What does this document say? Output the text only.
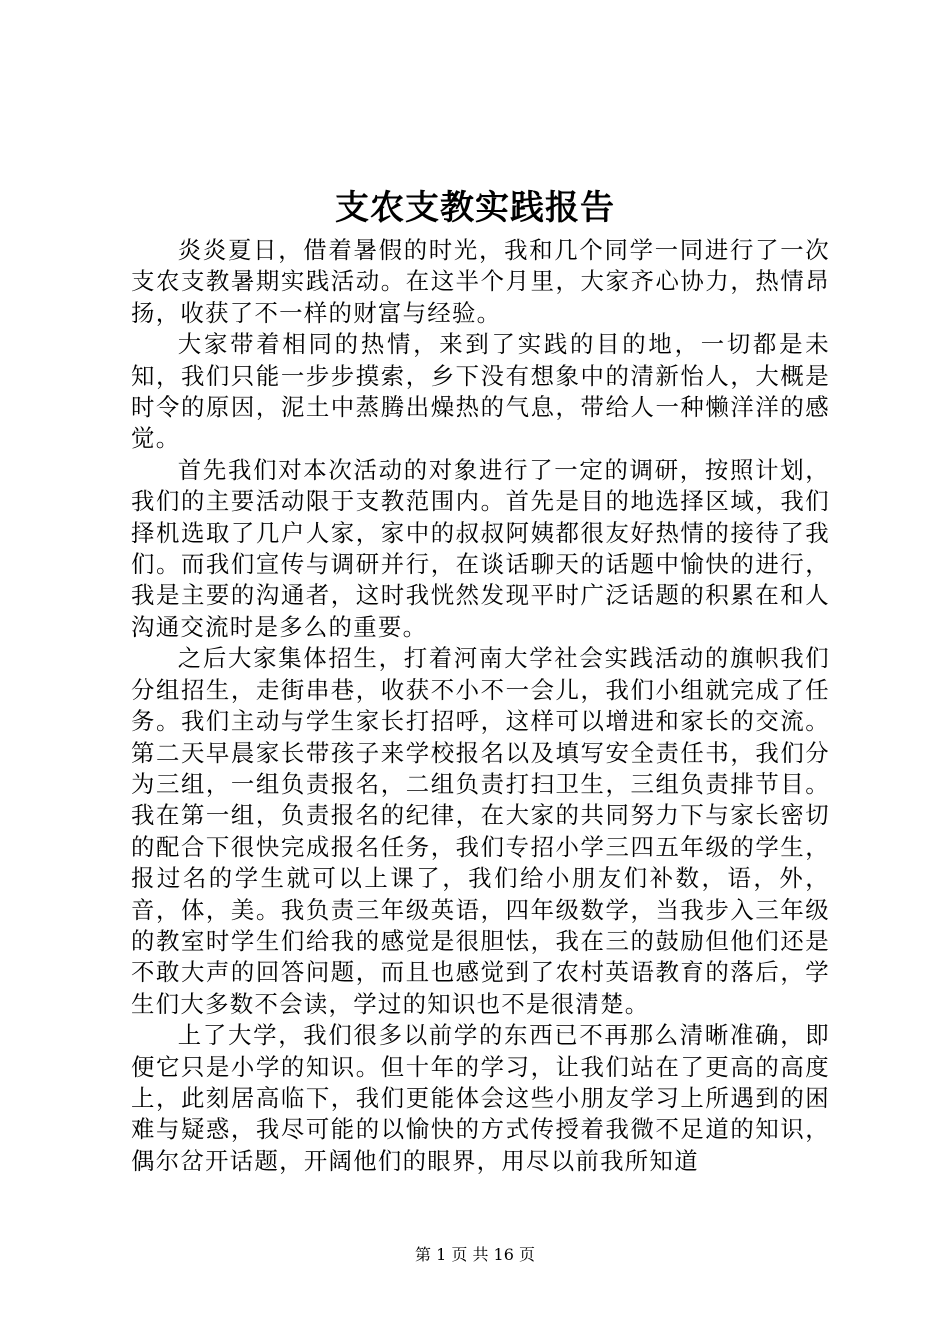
支农支教实践报告

炎炎夏日，借着暑假的时光，我和几个同学一同进行了一次支农支教暑期实践活动。在这半个月里，大家齐心协力，热情昂扬，收获了不一样的财富与经验。

大家带着相同的热情，来到了实践的目的地，一切都是未知，我们只能一步步摸索，乡下没有想象中的清新怡人，大概是时令的原因，泥土中蒸腾出燥热的气息，带给人一种懒洋洋的感觉。

首先我们对本次活动的对象进行了一定的调研，按照计划，我们的主要活动限于支教范围内。首先是目的地选择区域，我们择机选取了几户人家，家中的叔叔阿姨都很友好热情的接待了我们。而我们宣传与调研并行，在谈话聊天的话题中愉快的进行，我是主要的沟通者，这时我恍然发现平时广泛话题的积累在和人沟通交流时是多么的重要。

之后大家集体招生，打着河南大学社会实践活动的旗帜我们分组招生，走街串巷，收获不小不一会儿，我们小组就完成了任务。我们主动与学生家长打招呼，这样可以增进和家长的交流。第二天早晨家长带孩子来学校报名以及填写安全责任书，我们分为三组，一组负责报名，二组负责打扫卫生，三组负责排节目。我在第一组，负责报名的纪律，在大家的共同努力下与家长密切的配合下很快完成报名任务，我们专招小学三四五年级的学生，报过名的学生就可以上课了，我们给小朋友们补数，语，外，音，体，美。我负责三年级英语，四年级数学，当我步入三年级的教室时学生们给我的感觉是很胆怯，我在三的鼓励但他们还是不敢大声的回答问题，而且也感觉到了农村英语教育的落后，学生们大多数不会读，学过的知识也不是很清楚。

上了大学，我们很多以前学的东西已不再那么清晰准确，即便它只是小学的知识。但十年的学习，让我们站在了更高的高度上，此刻居高临下，我们更能体会这些小朋友学习上所遇到的困难与疑惑，我尽可能的以愉快的方式传授着我微不足道的知识，偶尔岔开话题，开阔他们的眼界，用尽以前我所知道

第 1 页 共 16 页
